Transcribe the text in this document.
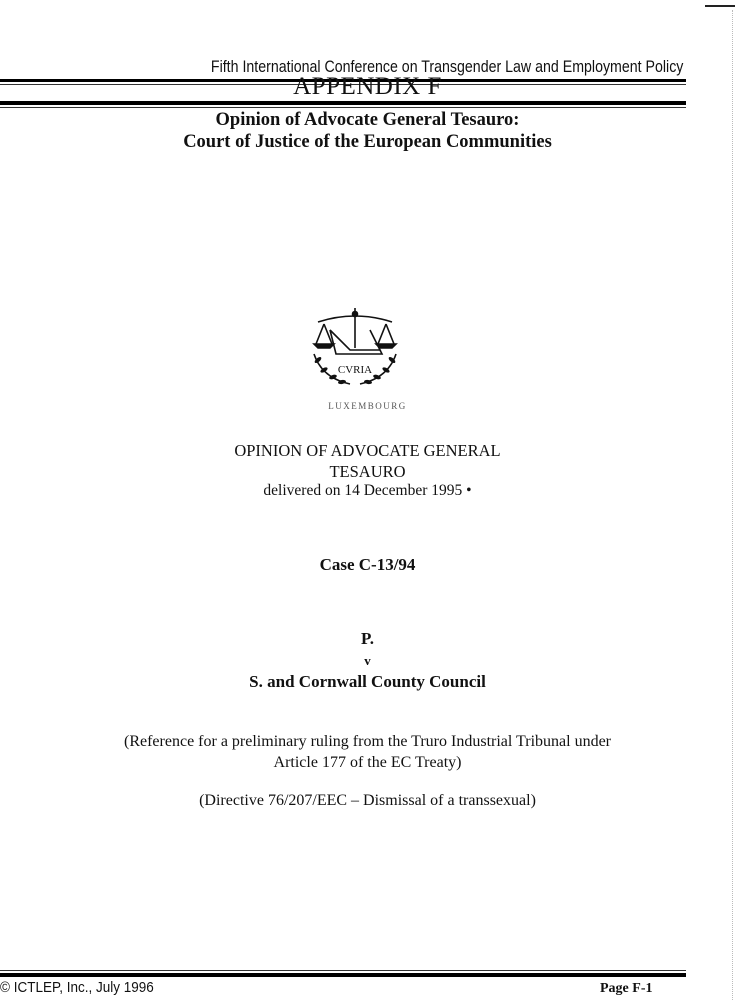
Fifth International Conference on Transgender Law and Employment Policy
APPENDIX F
Opinion of Advocate General Tesauro:
Court of Justice of the European Communities
CVRIA
LUXEMBOURG
OPINION OF ADVOCATE GENERAL
TESAURO
delivered on 14 December 1995 •
Case C-13/94
P.
v
S. and Cornwall County Council
(Reference for a preliminary ruling from the Truro Industrial Tribunal under
Article 177 of the EC Treaty)
(Directive 76/207/EEC – Dismissal of a transsexual)
© ICTLEP, Inc., July 1996	Page F-1
